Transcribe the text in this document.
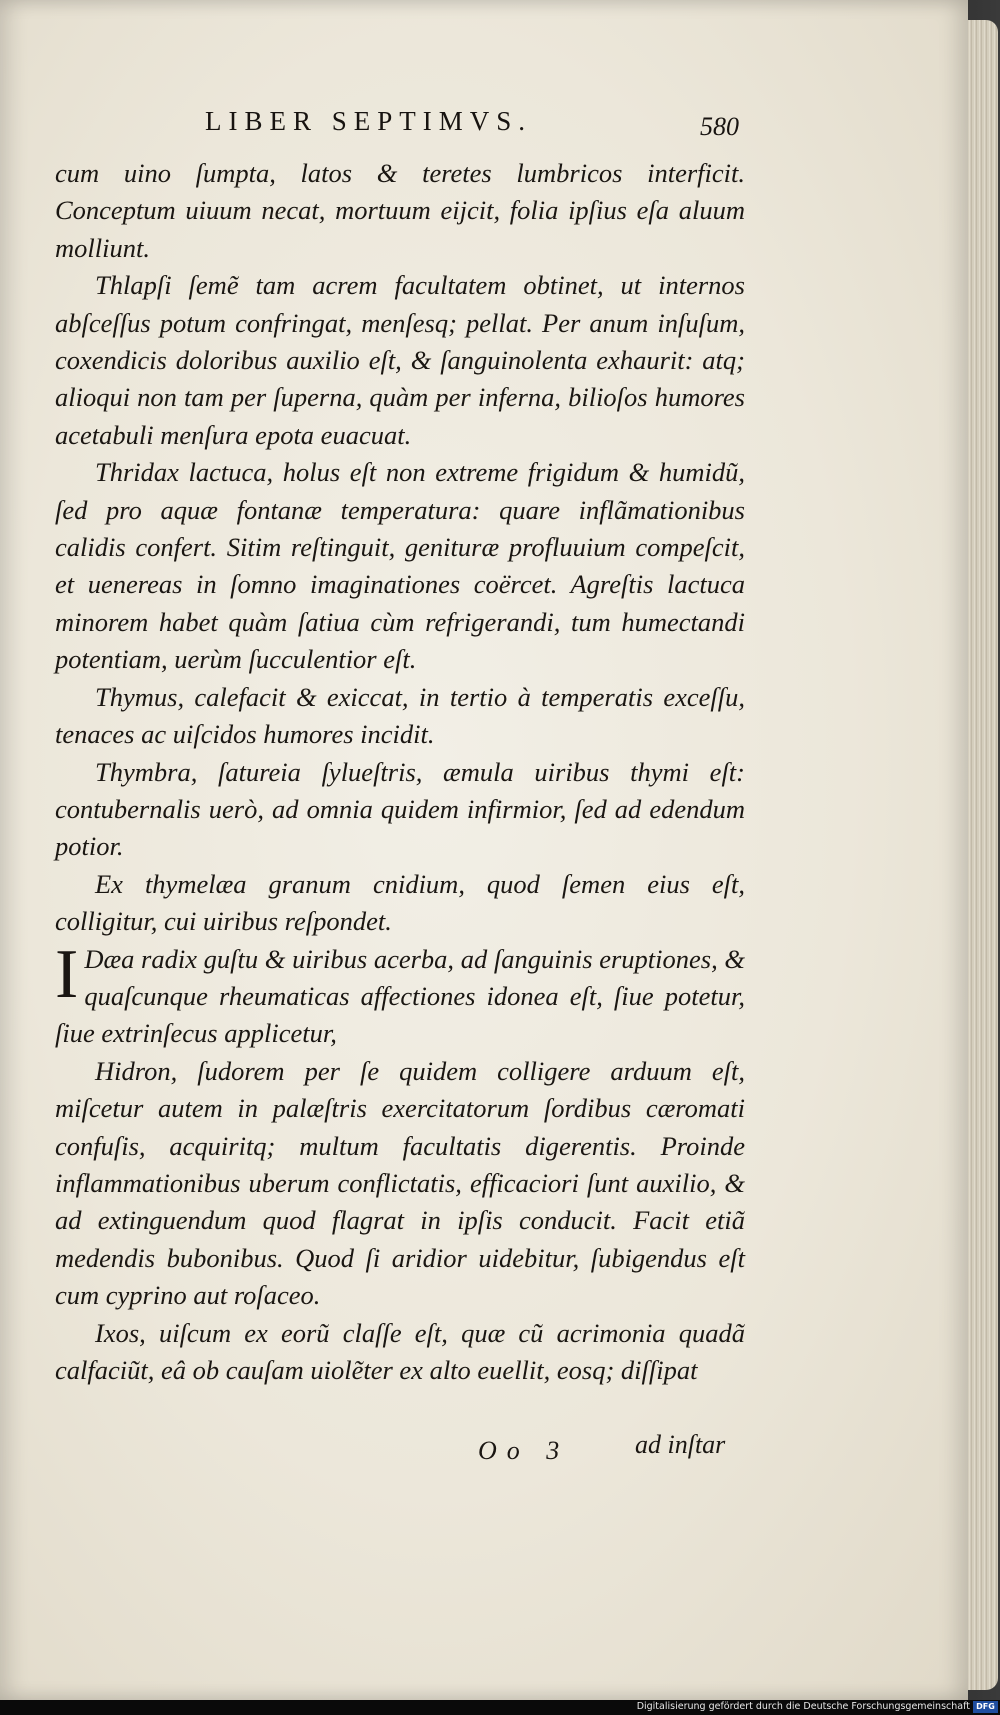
LIBER SEPTIMVS.	580

cum uino ſumpta, latos & teretes lumbricos interficit. Conceptum uiuum necat, mortuum eijcit, folia ipſius eſa aluum molliunt.

Thlapſi ſemẽ tam acrem facultatem obtinet, ut internos abſceſſus potum confringat, menſesq; pellat. Per anum inſuſum, coxendicis doloribus auxilio eſt, & ſanguinolenta exhaurit: atq; alioqui non tam per ſuperna, quàm per inferna, bilioſos humores acetabuli menſura epota euacuat.

Thridax lactuca, holus eſt non extreme frigidum & humidũ, ſed pro aquæ fontanæ temperatura: quare inflãmationibus calidis confert. Sitim reſtinguit, genituræ profluuium compeſcit, et uenereas in ſomno imaginationes coërcet. Agreſtis lactuca minorem habet quàm ſatiua cùm refrigerandi, tum humectandi potentiam, uerùm ſucculentior eſt.

Thymus, calefacit & exiccat, in tertio à temperatis exceſſu, tenaces ac uiſcidos humores incidit.

Thymbra, ſatureia ſylueſtris, æmula uiribus thymi eſt: contubernalis uerò, ad omnia quidem infirmior, ſed ad edendum potior.

Ex thymelæa granum cnidium, quod ſemen eius eſt, colligitur, cui uiribus reſpondet.

I Dæa radix guſtu & uiribus acerba, ad ſanguinis eruptiones, & quaſcunque rheumaticas affectiones idonea eſt, ſiue potetur, ſiue extrinſecus applicetur,

Hidron, ſudorem per ſe quidem colligere arduum eſt, miſcetur autem in palæſtris exercitatorum ſordibus cæromati confuſis, acquiritq; multum facultatis digerentis. Proinde inflammationibus uberum conflictatis, efficaciori ſunt auxilio, & ad extinguendum quod flagrat in ipſis conducit. Facit etiã medendis bubonibus. Quod ſi aridior uidebitur, ſubigendus eſt cum cyprino aut roſaceo.

Ixos, uiſcum ex eorũ claſſe eſt, quæ cũ acrimonia quadã calfaciũt, eâ ob cauſam uiolẽter ex alto euellit, eosq; diſſipat

Oo 3	ad inſtar
Digitalisierung gefördert durch die Deutsche Forschungsgemeinschaft DFG
